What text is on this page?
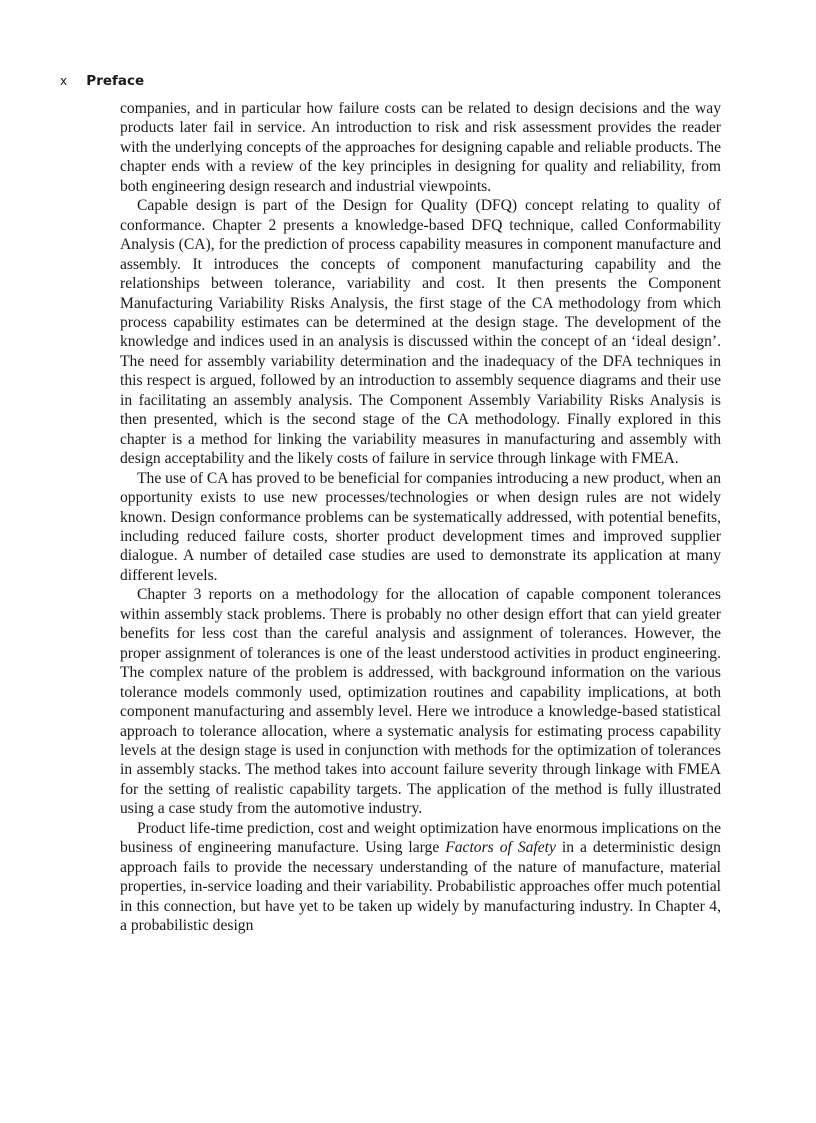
x Preface

companies, and in particular how failure costs can be related to design decisions and the way products later fail in service. An introduction to risk and risk assessment provides the reader with the underlying concepts of the approaches for designing capable and reliable products. The chapter ends with a review of the key principles in designing for quality and reliability, from both engineering design research and industrial viewpoints.

Capable design is part of the Design for Quality (DFQ) concept relating to quality of conformance. Chapter 2 presents a knowledge-based DFQ technique, called Conformability Analysis (CA), for the prediction of process capability measures in component manufacture and assembly. It introduces the concepts of component manufacturing capability and the relationships between tolerance, variability and cost. It then presents the Component Manufacturing Variability Risks Analysis, the first stage of the CA methodology from which process capability estimates can be determined at the design stage. The development of the knowledge and indices used in an analysis is discussed within the concept of an ‘ideal design’. The need for assembly variability determination and the inadequacy of the DFA techniques in this respect is argued, followed by an introduction to assembly sequence diagrams and their use in facilitating an assembly analysis. The Component Assembly Variability Risks Analysis is then presented, which is the second stage of the CA methodology. Finally explored in this chapter is a method for linking the variability measures in manufacturing and assembly with design acceptability and the likely costs of failure in service through linkage with FMEA.

The use of CA has proved to be beneficial for companies introducing a new product, when an opportunity exists to use new processes/technologies or when design rules are not widely known. Design conformance problems can be systematically addressed, with potential benefits, including reduced failure costs, shorter product development times and improved supplier dialogue. A number of detailed case studies are used to demonstrate its application at many different levels.

Chapter 3 reports on a methodology for the allocation of capable component tolerances within assembly stack problems. There is probably no other design effort that can yield greater benefits for less cost than the careful analysis and assignment of tolerances. However, the proper assignment of tolerances is one of the least understood activities in product engineering. The complex nature of the problem is addressed, with background information on the various tolerance models commonly used, optimization routines and capability implications, at both component manufacturing and assembly level. Here we introduce a knowledge-based statistical approach to tolerance allocation, where a systematic analysis for estimating process capability levels at the design stage is used in conjunction with methods for the optimization of tolerances in assembly stacks. The method takes into account failure severity through linkage with FMEA for the setting of realistic capability targets. The application of the method is fully illustrated using a case study from the automotive industry.

Product life-time prediction, cost and weight optimization have enormous implications on the business of engineering manufacture. Using large Factors of Safety in a deterministic design approach fails to provide the necessary understanding of the nature of manufacture, material properties, in-service loading and their variability. Probabilistic approaches offer much potential in this connection, but have yet to be taken up widely by manufacturing industry. In Chapter 4, a probabilistic design
